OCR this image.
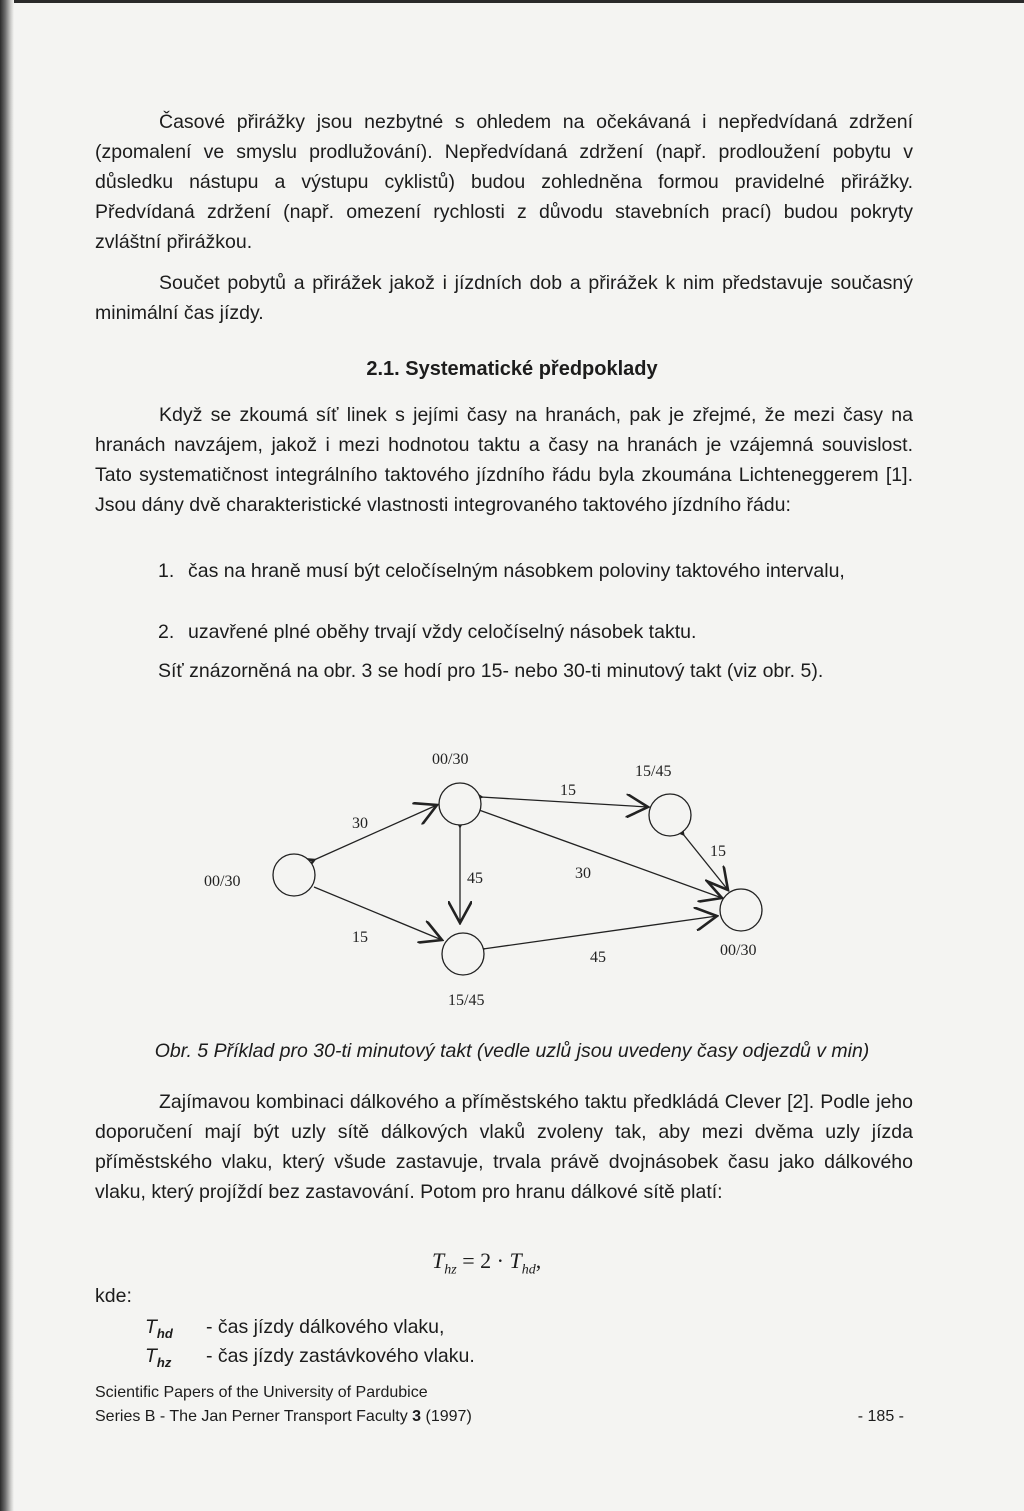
Časové přirážky jsou nezbytné s ohledem na očekávaná i nepředvídaná zdržení (zpomalení ve smyslu prodlužování). Nepředvídaná zdržení (např. prodloužení pobytu v důsledku nástupu a výstupu cyklistů) budou zohledněna formou pravidelné přirážky. Předvídaná zdržení (např. omezení rychlosti z důvodu stavebních prací) budou pokryty zvláštní přirážkou.

Součet pobytů a přirážek jakož i jízdních dob a přirážek k nim představuje současný minimální čas jízdy.

2.1. Systematické předpoklady

Když se zkoumá síť linek s jejími časy na hranách, pak je zřejmé, že mezi časy na hranách navzájem, jakož i mezi hodnotou taktu a časy na hranách je vzájemná souvislost. Tato systematičnost integrálního taktového jízdního řádu byla zkoumána Lichteneggerem [1]. Jsou dány dvě charakteristické vlastnosti integrovaného taktového jízdního řádu:

1. čas na hraně musí být celočíselným násobkem poloviny taktového intervalu,
2. uzavřené plné oběhy trvají vždy celočíselný násobek taktu.

Síť znázorněná na obr. 3 se hodí pro 15- nebo 30-ti minutový takt (viz obr. 5).

00/30
00/30
15/45
15/45
00/30
30
15
15
45	30
15
45

Obr. 5 Příklad pro 30-ti minutový takt (vedle uzlů jsou uvedeny časy odjezdů v min)

Zajímavou kombinaci dálkového a příměstského taktu předkládá Clever [2]. Podle jeho doporučení mají být uzly sítě dálkových vlaků zvoleny tak, aby mezi dvěma uzly jízda příměstského vlaku, který všude zastavuje, trvala právě dvojnásobek času jako dálkového vlaku, který projíždí bez zastavování. Potom pro hranu dálkové sítě platí:

$T_{hz} = 2 \cdot T_{hd}$,
kde:
$T_{hd}$ - čas jízdy dálkového vlaku,
$T_{hz}$ - čas jízdy zastávkového vlaku.
Scientific Papers of the University of Pardubice
Series B - The Jan Perner Transport Faculty 3 (1997)	- 185 -
